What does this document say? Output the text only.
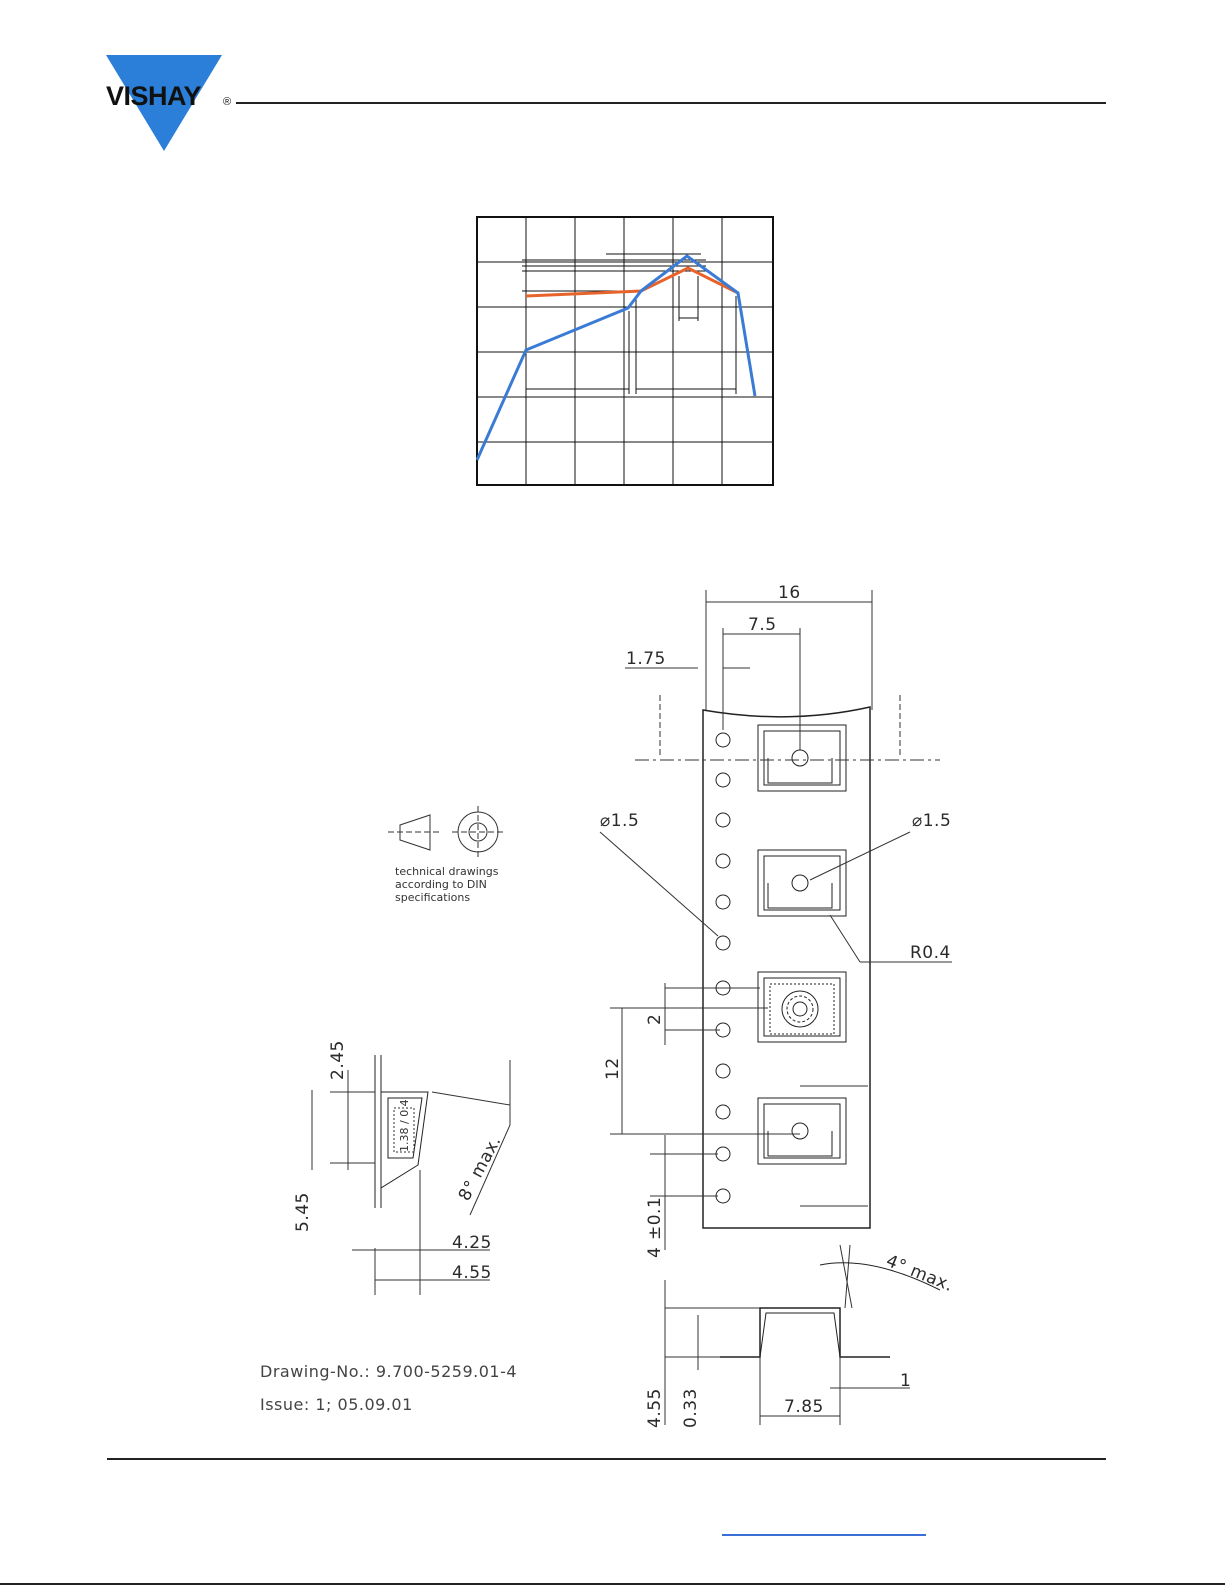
VISHAY ®
16
7.5
1.75
⌀1.5	⌀1.5
R0.4
2
12
4
±0.1
4.55 0.33	7.85
1
4° max.
2.45
5.45
4.25
4.55
8° max.
1.38 / 0.4
technical drawings
according to DIN
specifications
Drawing-No.: 9.700-5259.01-4
Issue: 1; 05.09.01
